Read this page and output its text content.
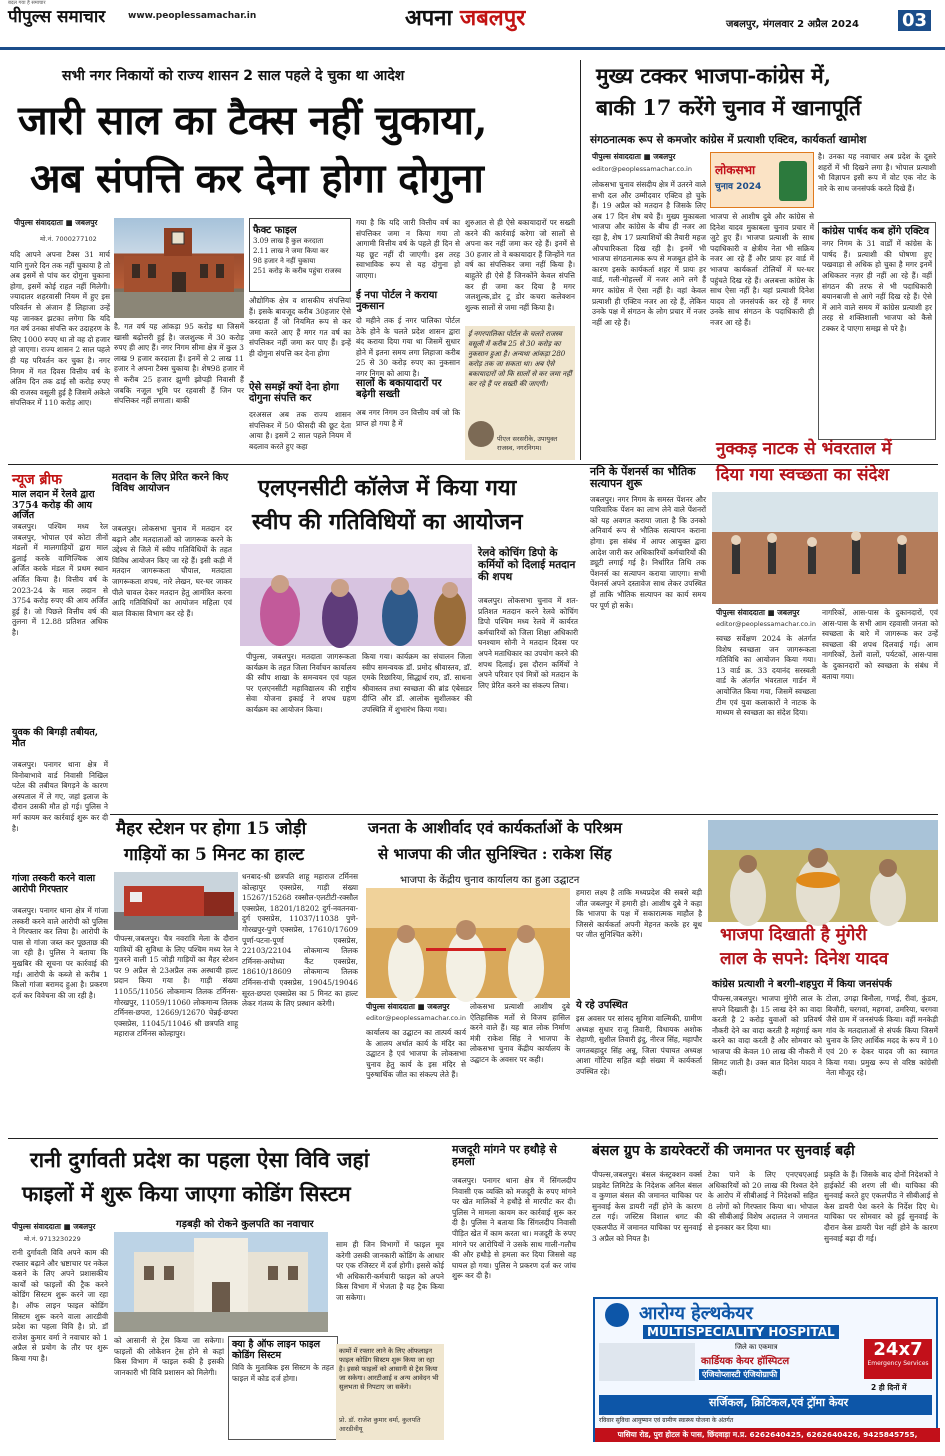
बदल गया है समाचार
पीपुल्स समाचार	www.peoplessamachar.in	अपना जबलपुर	जबलपुर, मंगलवार 2 अप्रैल 2024 03
सभी नगर निकायों को राज्य शासन 2 साल पहले दे चुका था आदेश
जारी साल का टैक्स नहीं चुकाया,
अब संपत्ति कर देना होगा दोगुना
पीपुल्स संवाददाता ■ जबलपुर
मो.नं. 7000277102
यदि आपने अपना टैक्स 31 मार्च यानि गुजरे दिन तक नहीं चुकाया है तो अब इसमें से पांच कर दोगुना चुकाना होगा, इसमें कोई राहत नहीं मिलेगी। ज्यादातर शहरवासी नियम में हुए इस परिवर्तन से अंजान हैं लिहाजा उन्हें यह जानकर झटका लगेगा कि यदि गत वर्ष उनका संपत्ति कर उदाहरण के लिए 1000 रुपए था तो वह दो हजार हो जाएगा। राज्य शासन 2 साल पहले ही यह परिवर्तन कर चुका है। नगर निगम में गत दिवस वित्तीय वर्ष के अंतिम दिन तक ढाई सौ करोड़ रुपए की राजस्व वसूली हुई है जिसमें अकेले संपत्तिकर में 110 करोड़ आए।
है, गत वर्ष यह आंकड़ा 95 करोड़ था जिसमें खासी बढ़ोत्तरी हुई है। जलशुल्क में 30 करोड़ रुपए ही आए हैं। नगर निगम सीमा क्षेत्र में कुल 3 लाख 9 हजार करदाता हैं। इनमें से 2 लाख 11 हजार ने अपना टैक्स चुकाया है। शेष98 हजार में से करीब 25 हजार झुग्गी झोपड़ी निवासी हैं जबकि नजूल भूमि पर रहवासी हैं जिन पर संपत्तिकर नहीं लगाता। बाकी
फैक्ट फाइल
3.09 लाख हैं कुल करदाता
2.11 लाख ने जमा किया कर
98 हजार ने नहीं चुकाया
251 करोड़ के करीब पहुंचा राजस्व
औद्योगिक क्षेत्र व शासकीय संपत्तियां हैं। इसके बावजूद करीब 30हजार ऐसे करदाता हैं जो नियमित रूप से कर जमा करते आए हैं मगर गत वर्ष का संपत्तिकर नहीं जमा कर पाए हैं। इन्हें ही दोगुना संपत्ति कर देना होगा
ऐसे समझें क्यों देना होगा दोगुना संपत्ति कर
दरअसल अब तक राज्य शासन संपत्तिकर में 50 फीसदी की छूट देता आया है। इसमें 2 साल पहले नियम में बदलाव करते हुए कहा
गया है कि यदि जारी वित्तीय वर्ष का संपत्तिकर जमा न किया गया तो आगामी वित्तीय वर्ष के पहले ही दिन से यह छूट नहीं दी जाएगी। इस तरह स्वाभाविक रूप से यह दोगुना हो जाएगा।
ई नपा पोर्टल ने कराया नुकसान
दो महीने तक ई नगर पालिका पोर्टल ठेके होने के चलते प्रदेश शासन द्वारा बंद कराया दिया गया था जिसमें सुधार होने में इतना समय लगा लिहाजा करीब 25 से 30 करोड़ रुपए का नुकसान नगर निगम को आया है।
सालों के बकायादारों पर बढ़ेगी सख्ती
अब नगर निगम उन वित्तीय वर्ष जो कि प्राप्त हो गया है में
शुरुआत से ही ऐसे बकायादारों पर सख्ती करने की कार्रवाई करेगा जो सालों से अपना कर नहीं जमा कर रहे हैं। इनमें से 30 हजार तो वे बकायादार हैं जिन्होंने गत वर्ष का संपत्तिकर जमा नहीं किया है। बाहुतेरे ही ऐसे हैं जिनकोंने केवल संपत्ति कर ही जमा कर दिया है मगर जलशुल्क,डोर टू डोर कचरा कलेक्शन शुल्क सालों से जमा नहीं किया है।
ई नगरपालिका पोर्टल के चलते राजस्व वसूली में करीब 25 से 30 करोड़ का नुकसान हुआ है। अन्यथा आंकड़ा 280 करोड़ तक जा सकता था। अब ऐसे बकायादारों जो कि सालों से कर जमा नहीं कर रहे हैं पर सख्ती की जाएगी।
पीएल सरसरीके, उपायुक्त राजस्व, नगरनिगम।
मुख्य टक्कर भाजपा-कांग्रेस में,
बाकी 17 करेंगे चुनाव में खानापूर्ति
संगठनात्मक रूप से कमजोर कांग्रेस में प्रत्याशी एक्टिव, कार्यकर्ता खामोश
पीपुल्स संवाददाता ■ जबलपुर
editor@peoplessamachar.co.in
लोकसभा चुनाव संसदीय क्षेत्र में उतरने वाले सभी दल और उम्मीदवार एक्टिव हो चुके हैं। 19 अप्रैल को मतदान है जिसके लिए अब 17 दिन शेष बचे हैं। मुख्य मुकाबला भाजपा और कांग्रेस के बीच ही नजर आ रहा है, शेष 17 प्रत्याशियों की तैयारी महज औपचारिकता दिख रही है। इनमें भी भाजपा संगठनात्मक रूप से मजबूत होने के कारण इसके कार्यकर्ता शहर में प्रायः हर वार्ड, गली-मोहल्लों में नजर आने लगे हैं मगर कांग्रेस में ऐसा नहीं है। वहां केवल प्रत्याशी ही एक्टिव नजर आ रहे हैं, लेकिन उनके पक्ष में संगठन के लोग प्रचार में नजर नहीं आ रहे हैं।
लोकसभा
चुनाव 2024
भाजपा से आशीष दुबे और कांग्रेस से दिनेश यादव मुकाबला चुनाव प्रचार में जुटे हुए हैं। भाजपा प्रत्याशी के साथ पदाधिकारी व क्षेत्रीय नेता भी सक्रिय नजर आ रहे हैं और प्रायः हर वार्ड में भाजपा कार्यकर्ता टोलियों में घर-घर पहुंचते दिख रहे हैं। अलबत्ता कांग्रेस के साथ ऐसा नहीं है। यहां प्रत्याशी दिनेश यादव तो जनसंपर्क कर रहे हैं मगर उनके साथ संगठन के पदाधिकारी ही नजर आ रहे हैं।
है। उनका यह नवाचार अब प्रदेश के दूसरे शहरों में भी दिखने लगा है। भोपाल प्रत्याशी भी विज्ञापन इसी रूप में वोट एक नोट के नारे के साथ जनसंपर्क करते दिखे हैं।
कांग्रेस पार्षद कब होंगे एक्टिव
नगर निगम के 31 वार्डों में कांग्रेस के पार्षद हैं। प्रत्याशी की घोषणा हुए पखवाड़ा से अधिक हो चुका है मगर इनमें अधिकतर नज़र ही नहीं आ रहे हैं। वहीं संगठन की तरफ से भी पदाधिकारी बयानबाजी से आगे नहीं दिख रहे हैं। ऐसे में आने वाले समय में कांग्रेस प्रत्याशी हर तरह से शक्तिशाली भाजपा को कैसे टक्कर दे पाएगा समझ से परे है।
न्यूज ब्रीफ
माल लदान में रेलवे द्वारा 3754 करोड़ की आय अर्जित
जबलपुर। पश्चिम मध्य रेल जबलपुर, भोपाल एवं कोटा तीनों मंडलों में मालगाड़ियों द्वारा माल ढुलाई करके वाणिज्यिक आय अर्जित करके मंडल में प्रथम स्थान अर्जित किया है। वित्तीय वर्ष के 2023-24 के माल लदान से 3754 करोड़ रुपए की आय अर्जित हुई है। जो पिछले वित्तीय वर्ष की तुलना में 12.88 प्रतिशत अधिक है।
युवक की बिगड़ी तबीयत, मौत
जबलपुर। पनागर थाना क्षेत्र में विनोबाभावे वार्ड निवासी निखिल पटेल की तबीयत बिगड़ने के कारण अस्पताल में ले गए, जहां इलाज के दौरान उसकी मौत हो गई। पुलिस ने मर्ग कायम कर कार्रवाई शुरू कर दी है।
गांजा तस्करी करने वाला आरोपी गिरफ्तार
जबलपुर। पनागर थाना क्षेत्र में गांजा तस्करी करने वाले आरोपी को पुलिस ने गिरफ्तार कर लिया है। आरोपी के पास से गांजा जब्त कर पूछताछ की जा रही है। पुलिस ने बताया कि मुखबिर की सूचना पर कार्रवाई की गई। आरोपी के कब्जे से करीब 1 किलो गांजा बरामद हुआ है। प्रकरण दर्ज कर विवेचना की जा रही है।
मतदान के लिए प्रेरित करने किए विविध आयोजन
जबलपुर। लोकसभा चुनाव में मतदान दर बढ़ाने और मतदाताओं को जागरूक करने के उद्देश्य से जिले में स्वीप गतिविधियों के तहत विविध आयोजन किए जा रहे हैं। इसी कड़ी में मतदान जागरूकता चौपाल, मतदाता जागरूकता शपथ, नारे लेखन, घर-घर जाकर पीले चावल देकर मतदान हेतु आमंत्रित करना आदि गतिविधियों का आयोजन महिला एवं बाल विकास विभाग कर रहे हैं।
एलएनसीटी कॉलेज में किया गया
स्वीप की गतिविधियों का आयोजन
रेलवे कोचिंग डिपो के कर्मियों को दिलाई मतदान की शपथ
जबलपुर। लोकसभा चुनाव में शत-प्रतिशत मतदान करने रेलवे कोचिंग डिपो पश्चिम मध्य रेलवे में कार्यरत कर्मचारियों को जिला शिक्षा अधिकारी घनश्याम सोनी ने मतदान दिवस पर अपने मताधिकार का उपयोग करने की शपथ दिलाई। इस दौरान कर्मियों ने अपने परिवार एवं मित्रों को मतदान के लिए प्रेरित करने का संकल्प लिया।
पीपुल्स, जबलपुर। मतदाता जागरूकता कार्यक्रम के तहत जिला निर्वाचन कार्यालय की स्वीप शाखा के समन्वयन एवं पहल पर एलएनसीटी महाविद्यालय की राष्ट्रीय सेवा योजना इकाई ने शपथ ग्रहण कार्यक्रम का आयोजन किया।
किया गया। कार्यक्रम का संचालन जिला स्वीप समन्वयक डॉ. प्रमोद श्रीवास्तव, डॉ. एमके रिछारिया, सिद्धार्थ राय, डॉ. साधना श्रीवास्तव तथा स्वच्छता की ब्रांड एंबेसडर दीप्ति और डॉ. आलोक सुशीलकर की उपस्थिति में शुभारंभ किया गया।
ननि के पेंशनर्स का भौतिक सत्यापन शुरू
जबलपुर। नगर निगम के समस्त पेंशनर और पारिवारिक पेंशन का लाभ लेने वाले पेंशनरों को यह अवगत कराया जाता है कि उनको अनिवार्य रूप से भौतिक सत्यापन कराना होगा। इस संबंध में आपर आयुक्त द्वारा आदेश जारी कर अधिकारियों कर्मचारियों की ड्यूटी लगाई गई है। निर्धारित तिथि तक पेंशनर्स का सत्यापन कराया जाएगा। सभी पेंशनर्स अपने दस्तावेज साथ लेकर उपस्थित हों ताकि भौतिक सत्यापन का कार्य समय पर पूर्ण हो सके।
नुक्कड़ नाटक से भंवरताल में
दिया गया स्वच्छता का संदेश
पीपुल्स संवाददाता ■ जबलपुर
editor@peoplessamachar.co.in
स्वच्छ सर्वेक्षण 2024 के अंतर्गत विशेष स्वच्छता जन जागरूकता गतिविधि का आयोजन किया गया। 13 वार्ड क्र. 33 दयानंद सरस्वती वार्ड के अंतर्गत भंवरताल गार्डन में आयोजित किया गया, जिसमें स्वच्छता टीम एवं युवा कलाकारों ने नाटक के माध्यम से स्वच्छता का संदेश दिया।
नागरिकों, आस-पास के दुकानदारों, एवं आस-पास के सभी आम रहवासी जनता को स्वच्छता के बारे में जागरूक कर उन्हें स्वच्छता की शपथ दिलवाई गई। आम नागरिकों, ठेलों वालों, पर्यटकों, आस-पास के दुकानदारों को स्वच्छता के संबंध में बताया गया।
मैहर स्टेशन पर होगा 15 जोड़ी
गाड़ियों का 5 मिनट का हाल्ट
पीपल्स,जबलपुर। चैत्र नवरात्रि मेला के दौरान यात्रियों की सुविधा के लिए पश्चिम मध्य रेल ने गुजरने वाली 15 जोड़ी गाड़ियों का मैहर स्टेशन पर 9 अप्रैल से 23अप्रैल तक अस्थायी हाल्ट प्रदान किया गया है। गाड़ी संख्या 11055/11056 लोकमान्य तिलक टर्मिनस-गोरखपुर, 11059/11060 लोकमान्य तिलक टर्मिनस-छपरा, 12669/12670 चेन्नई-छपरा एक्सप्रेस, 11045/11046 श्री छत्रपति शाहू महाराज टर्मिनस कोल्हापुर।
धनबाद-श्री छत्रपति शाहू महाराज टर्मिनस कोल्हापुर एक्सप्रेस, गाड़ी संख्या 15267/15268 रक्सौल-एलटीटी-रक्सौल एक्सप्रेस, 18201/18202 दुर्ग-नवतनवा-दुर्ग एक्सप्रेस, 11037/11038 पुणे-गोरखपुर-पुणे एक्सप्रेस, 17610/17609 पूर्णा-पटना-पूर्णा एक्सप्रेस, 22103/22104 लोकमान्य तिलक टर्मिनस-अयोध्या कैंट एक्सप्रेस, 18610/18609 लोकमान्य तिलक टर्मिनस-रांची एक्सप्रेस, 19045/19046 सूरत-छपरा एक्सप्रेस का 5 मिनट का हाल्ट लेकर गंतव्य के लिए प्रस्थान करेगी।
जनता के आशीर्वाद एवं कार्यकर्ताओं के परिश्रम
से भाजपा की जीत सुनिश्चित : राकेश सिंह
भाजपा के केंद्रीय चुनाव कार्यालय का हुआ उद्घाटन
पीपुल्स संवाददाता ■ जबलपुर
editor@peoplessamachar.co.in
कार्यालय का उद्घाटन का तात्पर्य कार्य के आलय अर्थात कार्य के मंदिर का उद्घाटन है एवं भाजपा के लोकसभा चुनाव हेतु कार्य के इस मंदिर से पुरुषार्थिक जीत का संकल्प लेते हैं।
लोकसभा प्रत्याशी आशीष दुबे ऐतिहासिक मतों से विजय हासिल करने वाले हैं। यह बात लोक निर्माण मंत्री राकेश सिंह ने भाजपा के लोकसभा चुनाव केंद्रीय कार्यालय के उद्घाटन के अवसर पर कही।
हमारा लक्ष्य है ताकि मध्यप्रदेश की सबसे बड़ी जीत जबलपुर में हमारी हो। आशीष दुबे ने कहा कि भाजपा के पक्ष में सकारात्मक माहौल है जिससे कार्यकर्ता अपनी मेहनत करके हर बूथ पर जीत सुनिश्चित करेंगे।
ये रहे उपस्थित
इस अवसर पर सांसद सुमित्रा वाल्मिकी, ग्रामीण अध्यक्ष सुधार राजू तिवारी, विधायक अशोक रोहाणी, सुशील तिवारी इंदु, नीरज सिंह, महापौर जगतबहादुर सिंह अन्नू, जिला पंचायत अध्यक्ष आशा गोंटिया सहित बड़ी संख्या में कार्यकर्ता उपस्थित रहे।
भाजपा दिखाती है मुंगेरी
लाल के सपने: दिनेश यादव
कांग्रेस प्रत्याशी ने बरगी-शहपुरा में किया जनसंपर्क
पीपल्स,जबलपुर। भाजपा मुंगेरी लाल के सपने दिखाती है। 15 लाख देने का वादा करती है 2 करोड़ युवाओं को प्रतिवर्ष नौकरी देने का वादा करती है महंगाई कम करने का वादा करती है और सोमवार को भाजपा की केवल 10 लाख की नौकरी में सिमट जाती है। उक्त बात दिनेश यादव ने कही।
टोला, उगढ़ा बिनौला, गणई, रीवां, कुंडम, बिजौरी, चरगवां, महगवां, उमरिया, चरगवा जैसे ग्राम में जनसंपर्क किया। वहीं मनकेड़ी गांव के मतदाताओं से संपर्क किया जिसमें चुनाव के लिए आर्थिक मदद के रूप में 10 एवं 20 रु देकर यादव जी का स्वागत किया गया। प्रमुख रूप से वरिष्ठ कांग्रेसी नेता मौजूद रहे।
रानी दुर्गावती प्रदेश का पहला ऐसा विवि जहां
फाइलों में शुरू किया जाएगा कोडिंग सिस्टम
गड़बड़ी को रोकने कुलपति का नवाचार
पीपुल्स संवाददाता ■ जबलपुर
मो.नं. 9713230229
रानी दुर्गावती विवि अपने काम की रफ्तार बढ़ाने और भ्रष्टाचार पर नकेल कसने के लिए अपने प्रशासकीय कार्यों को फाइलों की ट्रैक करने कोडिंग सिस्टम शुरू करने जा रहा है। ऑफ लाइन फाइल कोडिंग सिस्टम शुरू करने वाला आरडीवी प्रदेश का पहला विवि है। प्रो. डॉ राजेश कुमार वर्मा ने नवाचार को 1 अप्रैल से प्रयोग के तौर पर शुरू किया गया है।
को आसानी से ट्रेस किया जा सकेगा। फाइलों की लोकेशन ट्रेस होने से कहां किस विभाग में फाइल रुकी है इसकी जानकारी भी विवि प्रशासन को मिलेगी।
क्या है ऑफ लाइन फाइल कोडिंग सिस्टम
विवि के मुताबिक इस सिस्टम के तहत फाइल में कोड दर्ज होगा।
साम ही जिन विभागों में फाइल मूव करेगी उसकी जानकारी कोडिंग के आधार पर एक रजिस्टर में दर्ज होगी। इससे कोई भी अधिकारी-कर्मचारी फाइल को अपने किस विभाग में भेजता है यह ट्रैक किया जा सकेगा।
कामों में रफ्तार लाने के लिए ऑफलाइन फाइल कोडिंग सिस्टम शुरू किया जा रहा है। इससे फाइलों को आसानी से ट्रेस किया जा सकेगा। आरटीआई व अन्य आवेदन भी सुलभता से निपटाए जा सकेंगे।
प्रो. डॉ. राजेश कुमार वर्मा, कुलपति आरडीवीयू
मजदूरी मांगने पर हथौड़े से हमला
जबलपुर। पनागर थाना क्षेत्र में सिंगलदीप निवासी एक व्यक्ति को मजदूरी के रुपए मांगने पर खेत मालिकों ने हथौड़े से मारपीट कर दी। पुलिस ने मामला कायम कर कार्रवाई शुरू कर दी है। पुलिस ने बताया कि सिंगलदीप निवासी पीड़ित खेत में काम करता था। मजदूरी के रुपए मांगने पर आरोपियों ने उसके साथ गाली-गलौच की और हथौड़े से हमला कर दिया जिससे वह घायल हो गया। पुलिस ने प्रकरण दर्ज कर जांच शुरू कर दी है।
बंसल ग्रुप के डायरेक्टरों की जमानत पर सुनवाई बढ़ी
पीपल्स,जबलपुर। बंसल कंस्ट्रक्शन वर्क्स प्राइवेट लिमिटेड के निदेशक अनिल बंसल व कुणाल बंसल की जमानत याचिका पर सुनवाई केस डायरी नहीं होने के कारण टल गई। जस्टिस विशाल धगट की एकलपीठ में जमानत याचिका पर सुनवाई 3 अप्रैल को नियत है।
टेका पाने के लिए एनएचएआई अधिकारियों को 20 लाख की रिश्वत देने के आरोप में सीबीआई ने निदेशकों सहित 8 लोगों को गिरफ्तार किया था। भोपाल की सीबीआई विशेष अदालत ने जमानत से इनकार कर दिया था।
प्रकृति के हैं। जिसके बाद दोनों निदेशकों ने हाईकोर्ट की शरण ली थी। याचिका की सुनवाई करते हुए एकलपीठ ने सीबीआई से केस डायरी पेश करने के निर्देश दिए थे। याचिका पर सोमवार को हुई सुनवाई के दौरान केस डायरी पेश नहीं होने के कारण सुनवाई बढ़ा दी गई।
आरोग्य हेल्थकेयर
MULTISPECIALITY HOSPITAL
जिले का एकमात्र
कार्डियक केयर हॉस्पिटल
24x7
Emergency Services
एंजियोप्लास्टी एंजियोग्राफी
2 ही दिनों में
सर्जिकल, क्रिटिकल,एवं ट्रॉमा केयर
रविवार सुविधा आयुष्मान एवं ग्रामीण स्वास्थ्य योजना के अंतर्गत
पासिया रोड, पुरा होटल के पास, छिंदवाड़ा म.प्र. 6262640425, 6262640426, 9425845755, 9691938897
